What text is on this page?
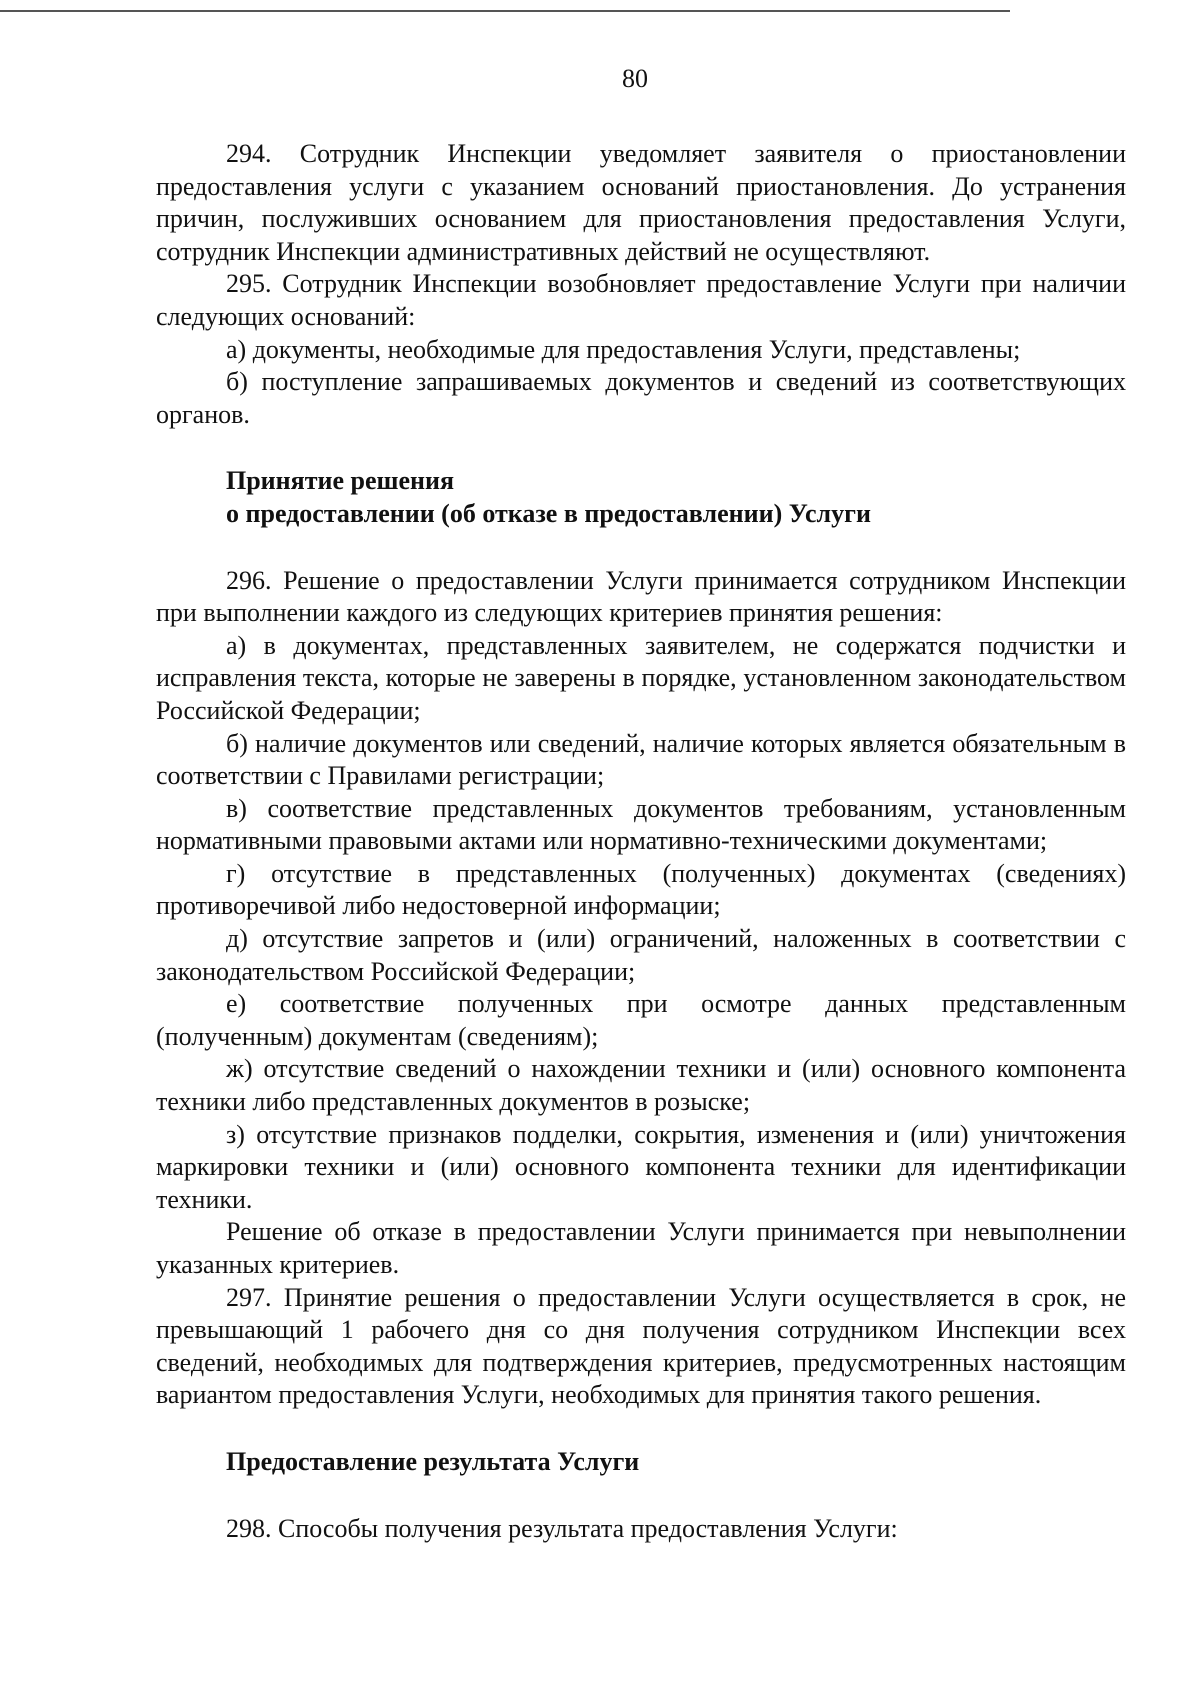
80

294. Сотрудник Инспекции уведомляет заявителя о приостановлении предоставления услуги с указанием оснований приостановления. До устранения причин, послуживших основанием для приостановления предоставления Услуги, сотрудник Инспекции административных действий не осуществляют.

295. Сотрудник Инспекции возобновляет предоставление Услуги при наличии следующих оснований:

а) документы, необходимые для предоставления Услуги, представлены;

б) поступление запрашиваемых документов и сведений из соответствующих органов.

Принятие решения

о предоставлении (об отказе в предоставлении) Услуги

296. Решение о предоставлении Услуги принимается сотрудником Инспекции при выполнении каждого из следующих критериев принятия решения:

а) в документах, представленных заявителем, не содержатся подчистки и исправления текста, которые не заверены в порядке, установленном законодательством Российской Федерации;

б) наличие документов или сведений, наличие которых является обязательным в соответствии с Правилами регистрации;

в) соответствие представленных документов требованиям, установленным нормативными правовыми актами или нормативно-техническими документами;

г) отсутствие в представленных (полученных) документах (сведениях) противоречивой либо недостоверной информации;

д) отсутствие запретов и (или) ограничений, наложенных в соответствии с законодательством Российской Федерации;

е) соответствие полученных при осмотре данных представленным (полученным) документам (сведениям);

ж) отсутствие сведений о нахождении техники и (или) основного компонента техники либо представленных документов в розыске;

з) отсутствие признаков подделки, сокрытия, изменения и (или) уничтожения маркировки техники и (или) основного компонента техники для идентификации техники.

Решение об отказе в предоставлении Услуги принимается при невыполнении указанных критериев.

297. Принятие решения о предоставлении Услуги осуществляется в срок, не превышающий 1 рабочего дня со дня получения сотрудником Инспекции всех сведений, необходимых для подтверждения критериев, предусмотренных настоящим вариантом предоставления Услуги, необходимых для принятия такого решения.

Предоставление результата Услуги

298. Способы получения результата предоставления Услуги:
